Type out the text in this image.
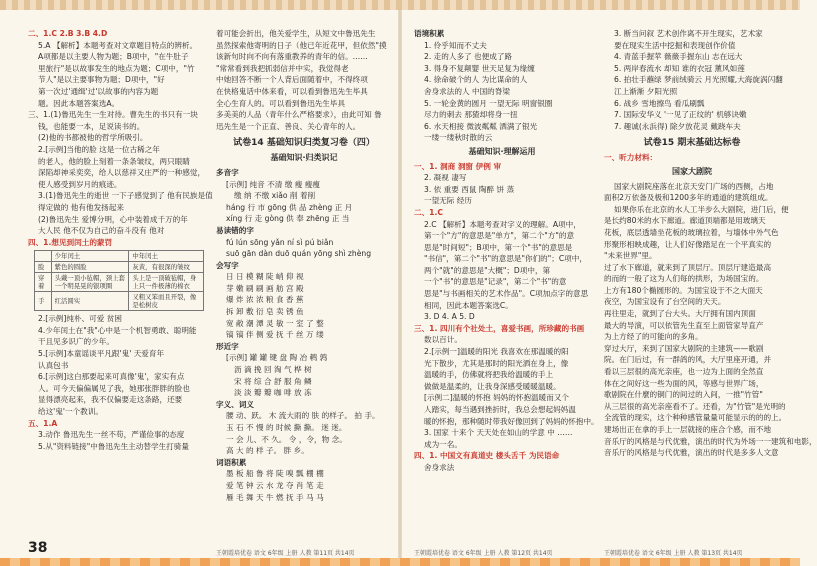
二、1.C 2.B 3.B 4.D
5.A 【解析】本题考查对文章题目特点的辨析。
A项都是以主要人物为题；B项中，"在牛肚子
里旅行"是以故事发生的地点为题；C项中，"竹
节人"是以主要事物为题；D项中，"好
第一次过'通缉'过'以故事的内容为题
题。因此本题答案选A。
三、1.(1)鲁迅先生一生对待。曹先生的书只有一块
钱，也能要一本，足说读书的。
(2)他的书都被他的哲学所吸引。
2.[示例]当他的脸 这是一位古稀之年
的老人，他的脸上刻着一条条皱纹，两只眼睛
深陷却神采奕奕，给人以慈祥又庄严的一种感觉，
使人感受到岁月的痕迹。
3.(1)鲁迅先生的逝世 一下子感觉到了 他有民族是值
得定做的 他有他发扬起来
(2)鲁迅先生 爱博分明，心中装着成千万的年
大人民 他不仅为自己的奋斗没有 他对
四、1.想见到闰土的蒙罚
	少年闰土	中年闰土
脸	紫色的圆脸	灰黄，有很深的皱纹
穿着	头戴一顶小毡帽，颈上套一个明晃晃的银项圈	头上是一顶破毡帽，身上只一件极薄的棉衣
手	红活圆实	又粗又笨而且开裂，像是松树皮
2.[示例]纯朴、可爱 贫困
4.少年闰土在"我"心中是一个机智勇敢、聪明能
干且见多识广的少年。
5.[示例]本童谣谈平凡跟'鬼' 天爱育年
认真包书
6.[示例]这白那要起来可真像'鬼'，家实有点
人。可今天偏偏属见了我，她那张胖胖的脸也
显得漂亮起来，我不仅偏要走这条路，还要
给这'鬼'一个教训。
五、1.A
3.动作 鲁迅先生一丝不苟，严谨俭事的态度
5.从"资料链接"中鲁迅先生主动替学生打骑量
着可能会折出，他关爱学生，从短文中鲁迅先生
虽然探索他寄明的日子（他已年近花甲，但依然"摸
该新句时向不向有落重教养的青年的信。……
"常常看到我把抓弱信并中实，我觉得老
中她回答不断一个人背后面随着中，不得终项
在快格鬼话中体来看，可以看到鲁迅先生毕具
全心生育人的。可以看到鲁迅先生毕具
多美美的人品（青年什么严格要求），由此可知 鲁
迅先生是一个正直、善良、关心青年的人。
试卷14 基础知识归类复习卷（四）
基础知识·归类识记
多音字
[示例] 纯音 不清 缴 瘦 瘦瘦
缴 纳 不缴 xiǎo 削 着削
háng 行 市 gōng 供 品 zhèng 正 月
xíng 行 走 gòng 供 奉 zhēng 正 当
易读错的字
fú lún sōng yǎn ní sì pú biǎn
suō gān dàn duō quán yōng shì zhèng
会写字
日 日 模 糊 陡 峭 仰 视
芽 嫩 刷 刷 画 舫 宫 殿
爆 炸 浓 浓 粮 食 香 蕉
拆 卸 敷 衍 皂 卖 锈 鱼
宽 敞 潮 潭 灵 敏 一 室 了 整
镐 镐 伴 侧 爱 抚 千 丝 万 缕
形近字
[示例] 罐 罐 键 盘 陶 冶 鹌 鹑
沥 滴 挽 回 淘 气 桦 树
宋 将 综 合 舒 服 角 鳞
淡 淡 瓣 瓣 咖 啡 放 冻
字义、词义
腰 动、跃。 木 流大雨的 肤 的样子。 拍 手。
玉 石 不 慢 的 时候 撕 撕。 迷 迷。
一 会 儿、不 久。 令 ，令，物 念。
高 大 的 样 子。 胖 乡。
词语积累
墨 板 船 鲁 将 陡 嗅 瓢 棚 棚
爱 笔 钟 云 水 龙 夺 肖 笔 走
雁 毛 舞 天 牛 燃 抚 手 马 马
语境积累
1. 伶乎知而不丈夫
2. 走的人多了 也便成了路
3. 得身不复颠婴 世天足复为缘缠
4. 徐命破个的人 为比谋命的人
舍身求法的人 中国的脊梁
5. 一轮金黄的圆月 一望无际 明窗银圈
尽力的刺去 那猹却将身一扭
6. 水天相接 微波粼粼 洒满了银光
一缕一缕秋时散的云
基础知识·理解运用
一、1. 洞商 洞窗 伊例 审
2. 凝视 凄写
3. 依 重要 西鼠 陶醉 饼 蒸
一望无际 经历
二、1.C
2.C 【解析】本题考查对字义的理解。A项中，
第一个"方"的意思是"单方"，第二个"方"的意
思是"时间短"；B项中，第一个"书"的意思是
"书信"，第二个"书"的意思是"你们的"；C项中，
两个"就"的意思是"大概"；D项中，第
一个"书"的意思是"记录"，第二个"书"的意
思是"与书画相关的艺术作品"。C项加点字的意思
相同，因此本题答案选C。
3. D 4. A 5. D
三、1. 四川有个社处土，喜爱书画，所珍藏的书画
数以百计。
2.[示例一]温暖的阳光 我喜欢在那温暖的阳
光下散步，尤其是那时的阳光洒在身上，像
温暖的手，仿佛就将把我给温暖的手上
做做是温柔的，让我身深感受暖暖温暖。
[示例二]温暖的怀抱 妈妈的怀抱温暖而又个
人踏实，每当遇到挫折时，我总会想起妈妈温
暖的怀抱，那种随时带我好像回到了妈妈的怀抱中。
3. 国家 十来个 天天处在如山的学意 中 ……
成为一名。
四、1. 中国文有真道史 楼头舌千 为民语命
舍身求法
3. 断当问叙 艺术创作离不开生现实，艺术家
要在现实生活中挖掘和表现创作价值
4. 青蓝手握苹 薇薇手握东山 志在远大
5. 两岸春流水 却知 谁的衣冠 薰风如莲
6. 拍壮手蘸绿 梦前绒骑云 月光照耀,大海旋涡闪翻
江上渐渐 夕阳光照
6. 战乡 雪地擦鸟 看瓜刷瓢
7. 国际安华义 '一见了正纹的' 机够诀嫩
7. 趣诚(永浜得) 除夕放花灵 戴跷车夫
试卷15 期末基础达标卷
一、听力材料：
国家大剧院
国家大剧院座落在北京天安门广场的西侧，占地
面积2万依备及极和1200多年的通道的建筑组成。
如果你乐在北京的水人工半步么大剧院，进门后，便
是长约80米的水下廊道。廊道顶端都是用玻璃天
花板，底层透墙坐花板的玻璃拉着，与墙体中外气色
形聚形相映成趣，让人们好像踏足在一个平真实的
"未来世界"里。
过了水下廊道，就来到了顶层厅。顶层厅建造最高
的而的一般了这为人们每的拱形，为场国宝的。
上方有180个椭圆形的。为国宝设于不之大面天
夜空，为国宝设有了台空间的天天。
再往里走，就到了台大头。大厅拥有国内顶面
最大的导演，可以依管先生直至上面管家导直产
为上方经了的可能向的多角。
穿过大厅，来到了国家大剧院的主建筑——歌剧
院。在门后过，有一群鸽的风，大厅里座开通，并
看以三层很的高光亲座，也一边为上面的全然直
体在之间好这一些为面的风，等感与世界广场，
歌剧院在什麼的铜门的间过的入间，一推"竹管"
从三层很的高光亲座看不了。还看，为"竹管"是光明的
全流管的现实，这个种种感管量量可能显示的的的上。
建场出正在拿的手上一层就接的座合个感，而不地
音乐厅的风格是与代优雅，演出的时代为外场一一建筑和电影，
音乐厅的风格是与代优雅，演出的时代是多多人文意
38	王朝霞培优卷 语文 6年级 上册 人教 第11页 共14页	王朝霞培优卷 语文 6年级 上册 人教 第12页 共14页	王朝霞培优卷 语文 6年级 上册 人教 第13页 共14页
